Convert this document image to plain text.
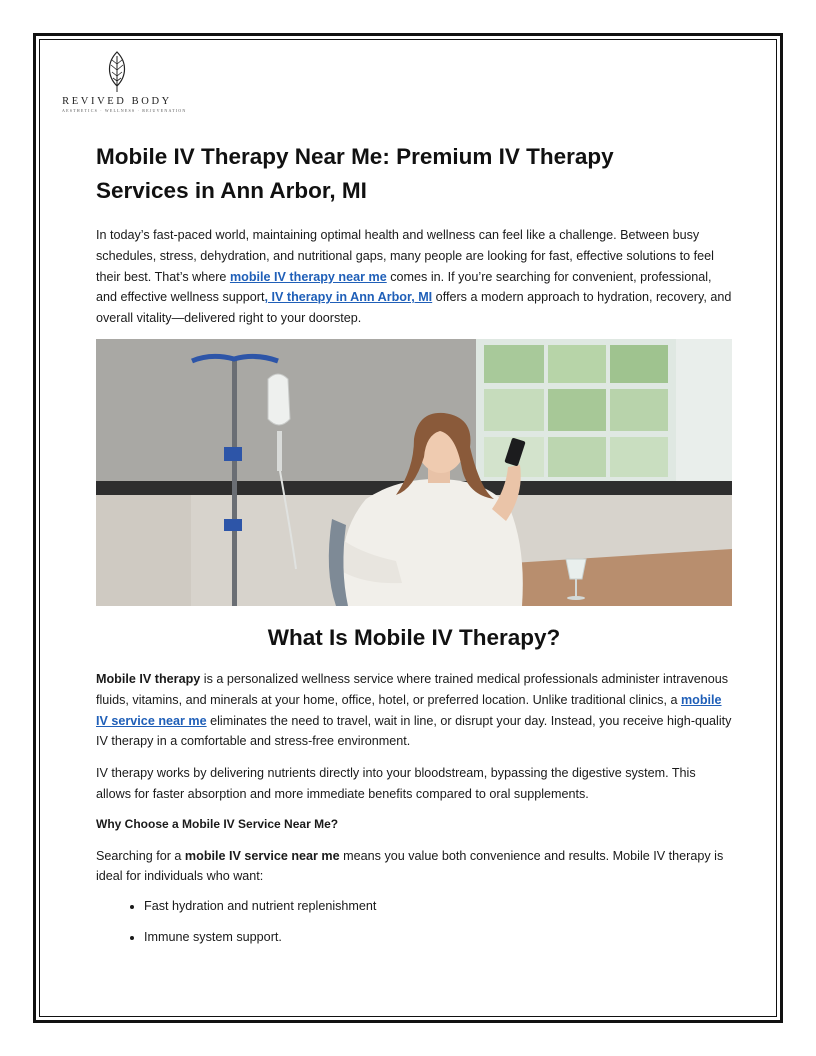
REVIVED BODY
AESTHETICS · WELLNESS · REJUVENATION
Mobile IV Therapy Near Me: Premium IV Therapy
Services in Ann Arbor, MI

In today’s fast-paced world, maintaining optimal health and wellness can feel like a challenge. Between busy schedules, stress, dehydration, and nutritional gaps, many people are looking for fast, effective solutions to feel their best. That’s where mobile IV therapy near me comes in. If you’re searching for convenient, professional, and effective wellness support, IV therapy in Ann Arbor, MI offers a modern approach to hydration, recovery, and overall vitality—delivered right to your doorstep.

What Is Mobile IV Therapy?

Mobile IV therapy is a personalized wellness service where trained medical professionals administer intravenous fluids, vitamins, and minerals at your home, office, hotel, or preferred location. Unlike traditional clinics, a mobile IV service near me eliminates the need to travel, wait in line, or disrupt your day. Instead, you receive high-quality IV therapy in a comfortable and stress-free environment.

IV therapy works by delivering nutrients directly into your bloodstream, bypassing the digestive system. This allows for faster absorption and more immediate benefits compared to oral supplements.

Why Choose a Mobile IV Service Near Me?

Searching for a mobile IV service near me means you value both convenience and results. Mobile IV therapy is ideal for individuals who want:

• Fast hydration and nutrient replenishment
• Immune system support.
